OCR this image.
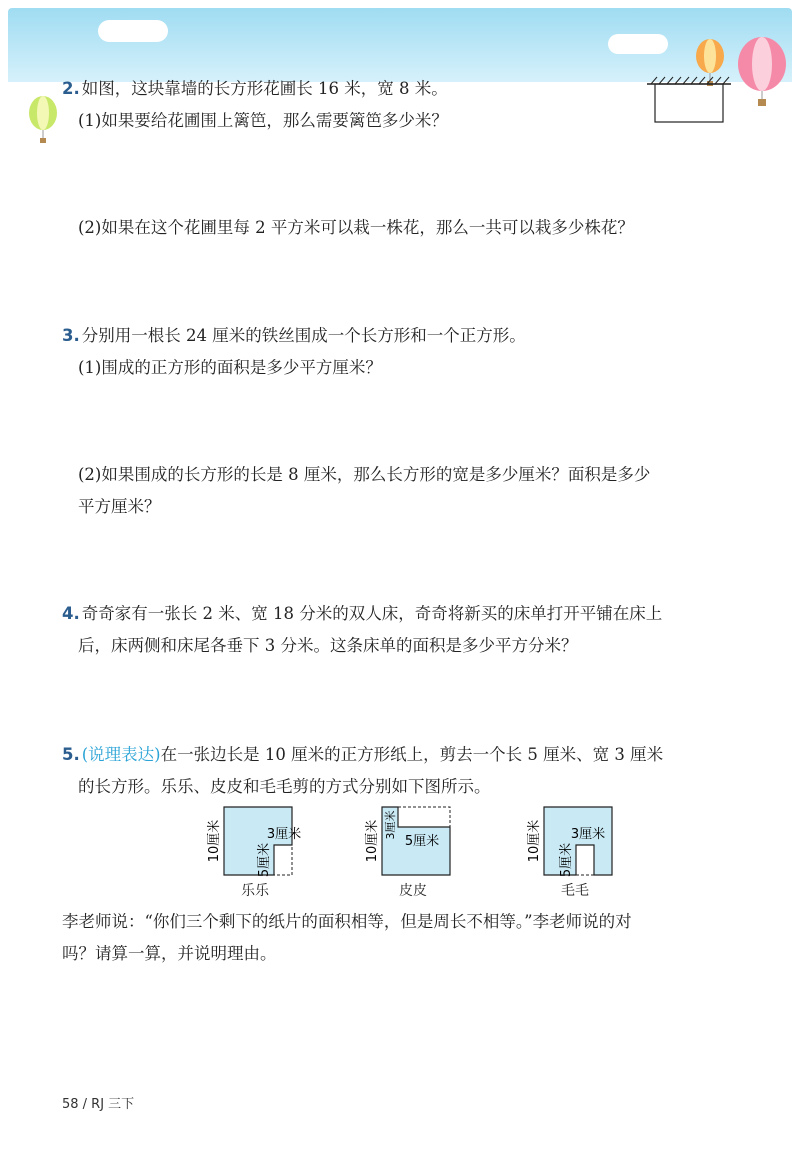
2. 如图，这块靠墙的长方形花圃长 16 米，宽 8 米。
(1)如果要给花圃围上篱笆，那么需要篱笆多少米？
(2)如果在这个花圃里每 2 平方米可以栽一株花，那么一共可以栽多少株花？
3. 分别用一根长 24 厘米的铁丝围成一个长方形和一个正方形。
(1)围成的正方形的面积是多少平方厘米？
(2)如果围成的长方形的长是 8 厘米，那么长方形的宽是多少厘米？面积是多少
平方厘米？
4. 奇奇家有一张长 2 米、宽 18 分米的双人床，奇奇将新买的床单打开平铺在床上
后，床两侧和床尾各垂下 3 分米。这条床单的面积是多少平方分米？
5. (说理表达)在一张边长是 10 厘米的正方形纸上，剪去一个长 5 厘米、宽 3 厘米
的长方形。乐乐、皮皮和毛毛剪的方式分别如下图所示。
10厘米	3厘米
5厘米
乐乐
10厘米 3厘米
5厘米
皮皮
10厘米 3厘米
5厘米
毛毛
李老师说：“你们三个剩下的纸片的面积相等，但是周长不相等。”李老师说的对
吗？请算一算，并说明理由。
58 / RJ 三下
